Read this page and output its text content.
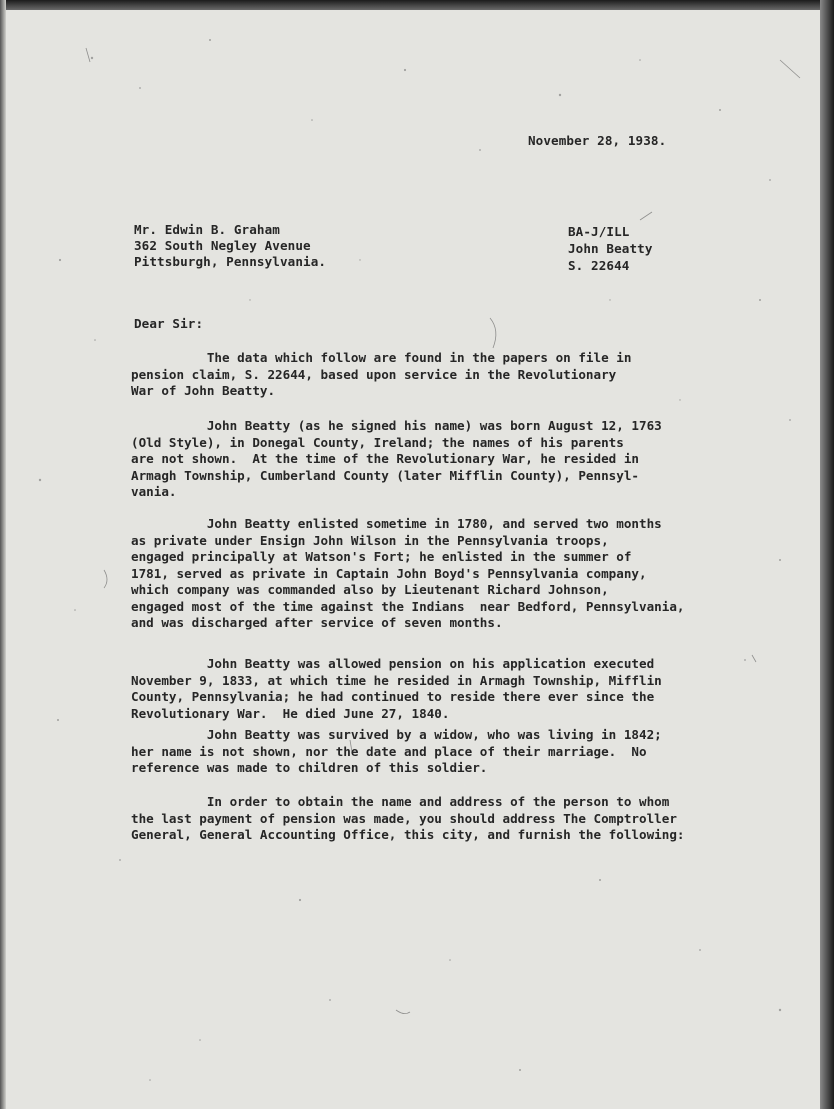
November 28, 1938.
Mr. Edwin B. Graham
362 South Negley Avenue
Pittsburgh, Pennsylvania.
BA-J/ILL
John Beatty
S. 22644
Dear Sir:
The data which follow are found in the papers on file in
pension claim, S. 22644, based upon service in the Revolutionary
War of John Beatty.
John Beatty (as he signed his name) was born August 12, 1763
(Old Style), in Donegal County, Ireland; the names of his parents
are not shown.  At the time of the Revolutionary War, he resided in
Armagh Township, Cumberland County (later Mifflin County), Pennsyl-
vania.
John Beatty enlisted sometime in 1780, and served two months
as private under Ensign John Wilson in the Pennsylvania troops,
engaged principally at Watson's Fort; he enlisted in the summer of
1781, served as private in Captain John Boyd's Pennsylvania company,
which company was commanded also by Lieutenant Richard Johnson,
engaged most of the time against the Indians  near Bedford, Pennsylvania,
and was discharged after service of seven months.
John Beatty was allowed pension on his application executed
November 9, 1833, at which time he resided in Armagh Township, Mifflin
County, Pennsylvania; he had continued to reside there ever since the
Revolutionary War.  He died June 27, 1840.
John Beatty was survived by a widow, who was living in 1842;
her name is not shown, nor the date and place of their marriage.  No
reference was made to children of this soldier.
In order to obtain the name and address of the person to whom
the last payment of pension was made, you should address The Comptroller
General, General Accounting Office, this city, and furnish the following:
